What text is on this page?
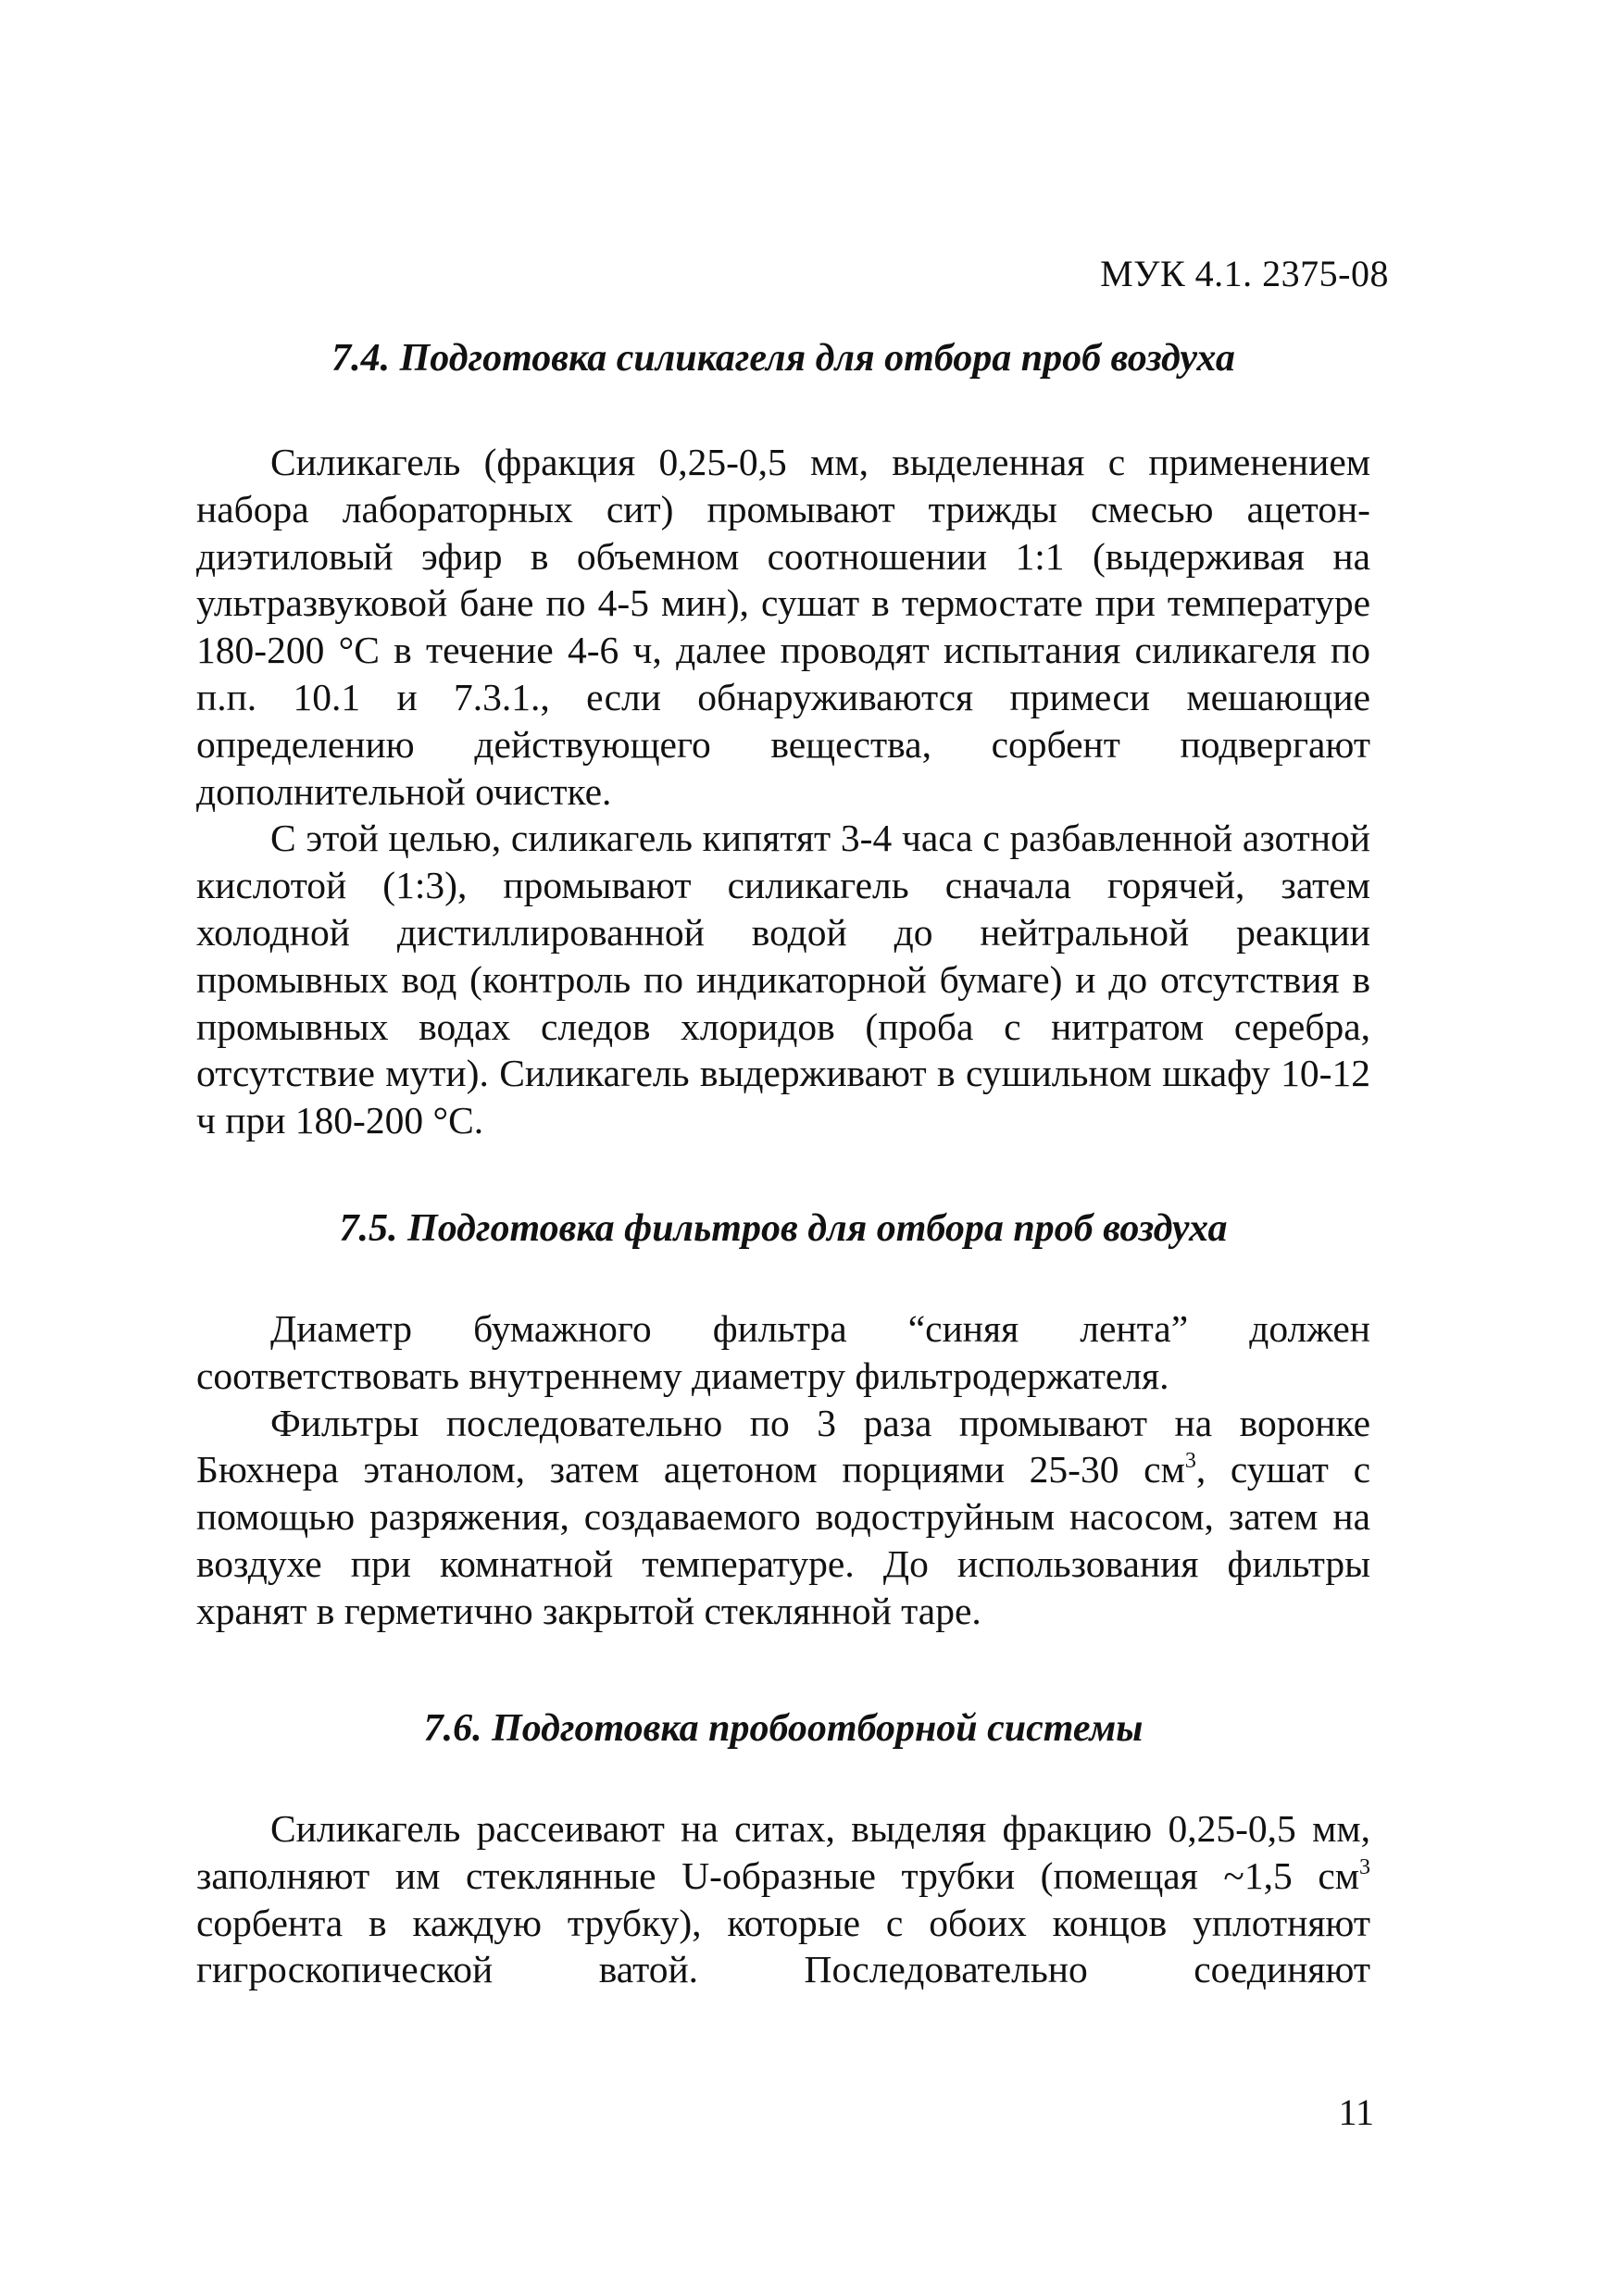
МУК 4.1. 2375-08

7.4. Подготовка силикагеля для отбора проб воздуха

Силикагель (фракция 0,25-0,5 мм, выделенная с применением набора лабораторных сит) промывают трижды смесью ацетон-диэтиловый эфир в объемном соотношении 1:1 (выдерживая на ультразвуковой бане по 4-5 мин), сушат в термостате при температуре 180-200 °С в течение 4-6 ч, далее проводят испытания силикагеля по п.п. 10.1 и 7.3.1., если обнаруживаются примеси мешающие определению действующего вещества, сорбент подвергают дополнительной очистке.

С этой целью, силикагель кипятят 3-4 часа с разбавленной азотной кислотой (1:3), промывают силикагель сначала горячей, затем холодной дистиллированной водой до нейтральной реакции промывных вод (контроль по индикаторной бумаге) и до отсутствия в промывных водах следов хлоридов (проба с нитратом серебра, отсутствие мути). Силикагель выдерживают в сушильном шкафу 10-12 ч при 180-200 °С.

7.5. Подготовка фильтров для отбора проб воздуха

Диаметр бумажного фильтра “синяя лента” должен соответствовать внутреннему диаметру фильтродержателя.

Фильтры последовательно по 3 раза промывают на воронке Бюхнера этанолом, затем ацетоном порциями 25-30 $см^3$, сушат с помощью разряжения, создаваемого водоструйным насосом, затем на воздухе при комнатной температуре. До использования фильтры хранят в герметично закрытой стеклянной таре.

7.6. Подготовка пробоотборной системы

Силикагель рассеивают на ситах, выделяя фракцию 0,25-0,5 мм, заполняют им стеклянные U-образные трубки (помещая ~1,5 $см^3$ сорбента в каждую трубку), которые с обоих концов уплотняют гигроскопической ватой. Последовательно соединяют

11
